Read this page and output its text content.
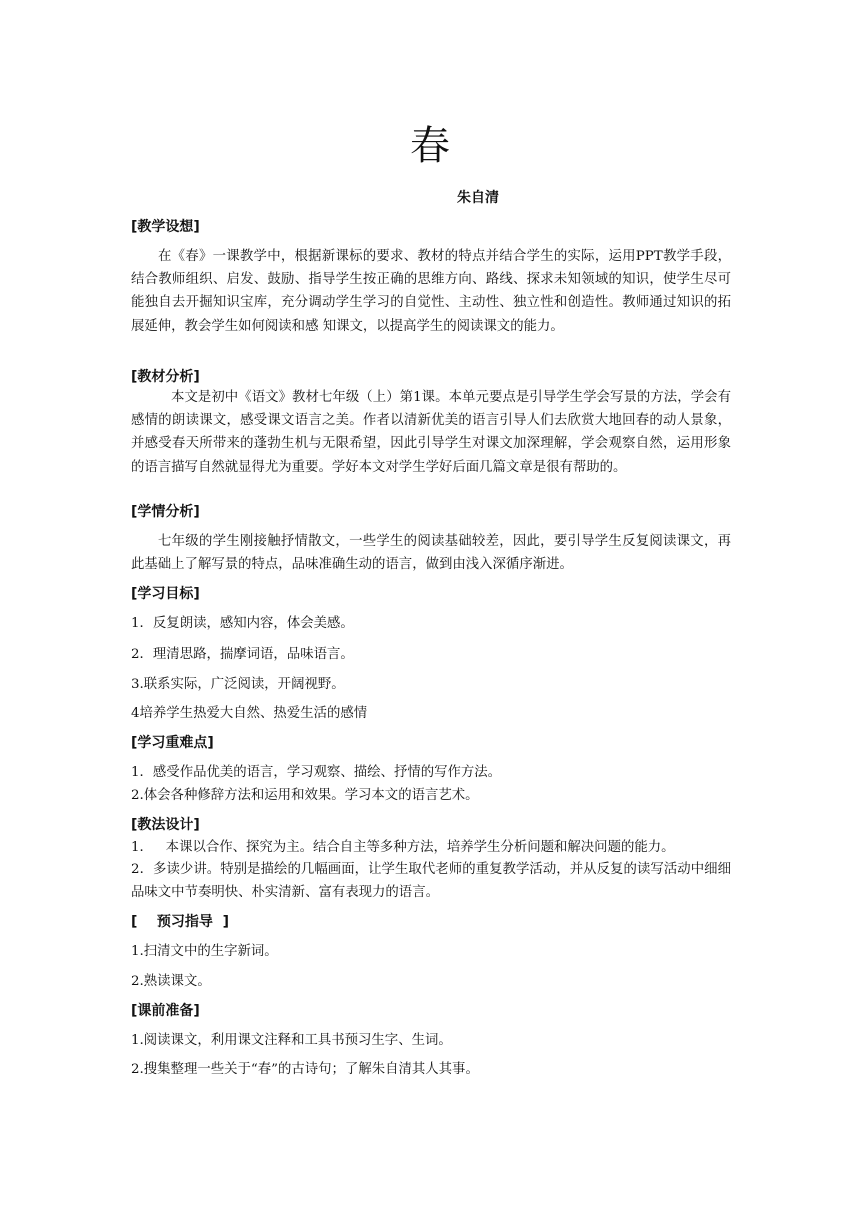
春
朱自清
[教学设想]
在《春》一课教学中，根据新课标的要求、教材的特点并结合学生的实际，运用PPT教学手段，结合教师组织、启发、鼓励、指导学生按正确的思维方向、路线、探求未知领域的知识，使学生尽可能独自去开掘知识宝库，充分调动学生学习的自觉性、主动性、独立性和创造性。教师通过知识的拓展延伸，教会学生如何阅读和感 知课文，以提高学生的阅读课文的能力。
[教材分析]
本文是初中《语文》教材七年级（上）第1课。本单元要点是引导学生学会写景的方法，学会有感情的朗读课文，感受课文语言之美。作者以清新优美的语言引导人们去欣赏大地回春的动人景象，并感受春天所带来的蓬勃生机与无限希望，因此引导学生对课文加深理解，学会观察自然，运用形象的语言描写自然就显得尤为重要。学好本文对学生学好后面几篇文章是很有帮助的。
[学情分析]
七年级的学生刚接触抒情散文，一些学生的阅读基础较差，因此，要引导学生反复阅读课文，再此基础上了解写景的特点，品味准确生动的语言，做到由浅入深循序渐进。
[学习目标]
1．反复朗读，感知内容，体会美感。
2．理清思路，揣摩词语，品味语言。
3.联系实际，广泛阅读，开阔视野。
4培养学生热爱大自然、热爱生活的感情
[学习重难点]
1．感受作品优美的语言，学习观察、描绘、抒情的写作方法。
2.体会各种修辞方法和运用和效果。学习本文的语言艺术。
[教法设计]
1．   本课以合作、探究为主。结合自主等多种方法，培养学生分析问题和解决问题的能力。
2．多读少讲。特别是描绘的几幅画面，让学生取代老师的重复教学活动，并从反复的读写活动中细细品味文中节奏明快、朴实清新、富有表现力的语言。
[    预习指导  ]
1.扫清文中的生字新词。
2.熟读课文。
[课前准备]
1.阅读课文，利用课文注释和工具书预习生字、生词。
2.搜集整理一些关于“春”的古诗句；了解朱自清其人其事。
